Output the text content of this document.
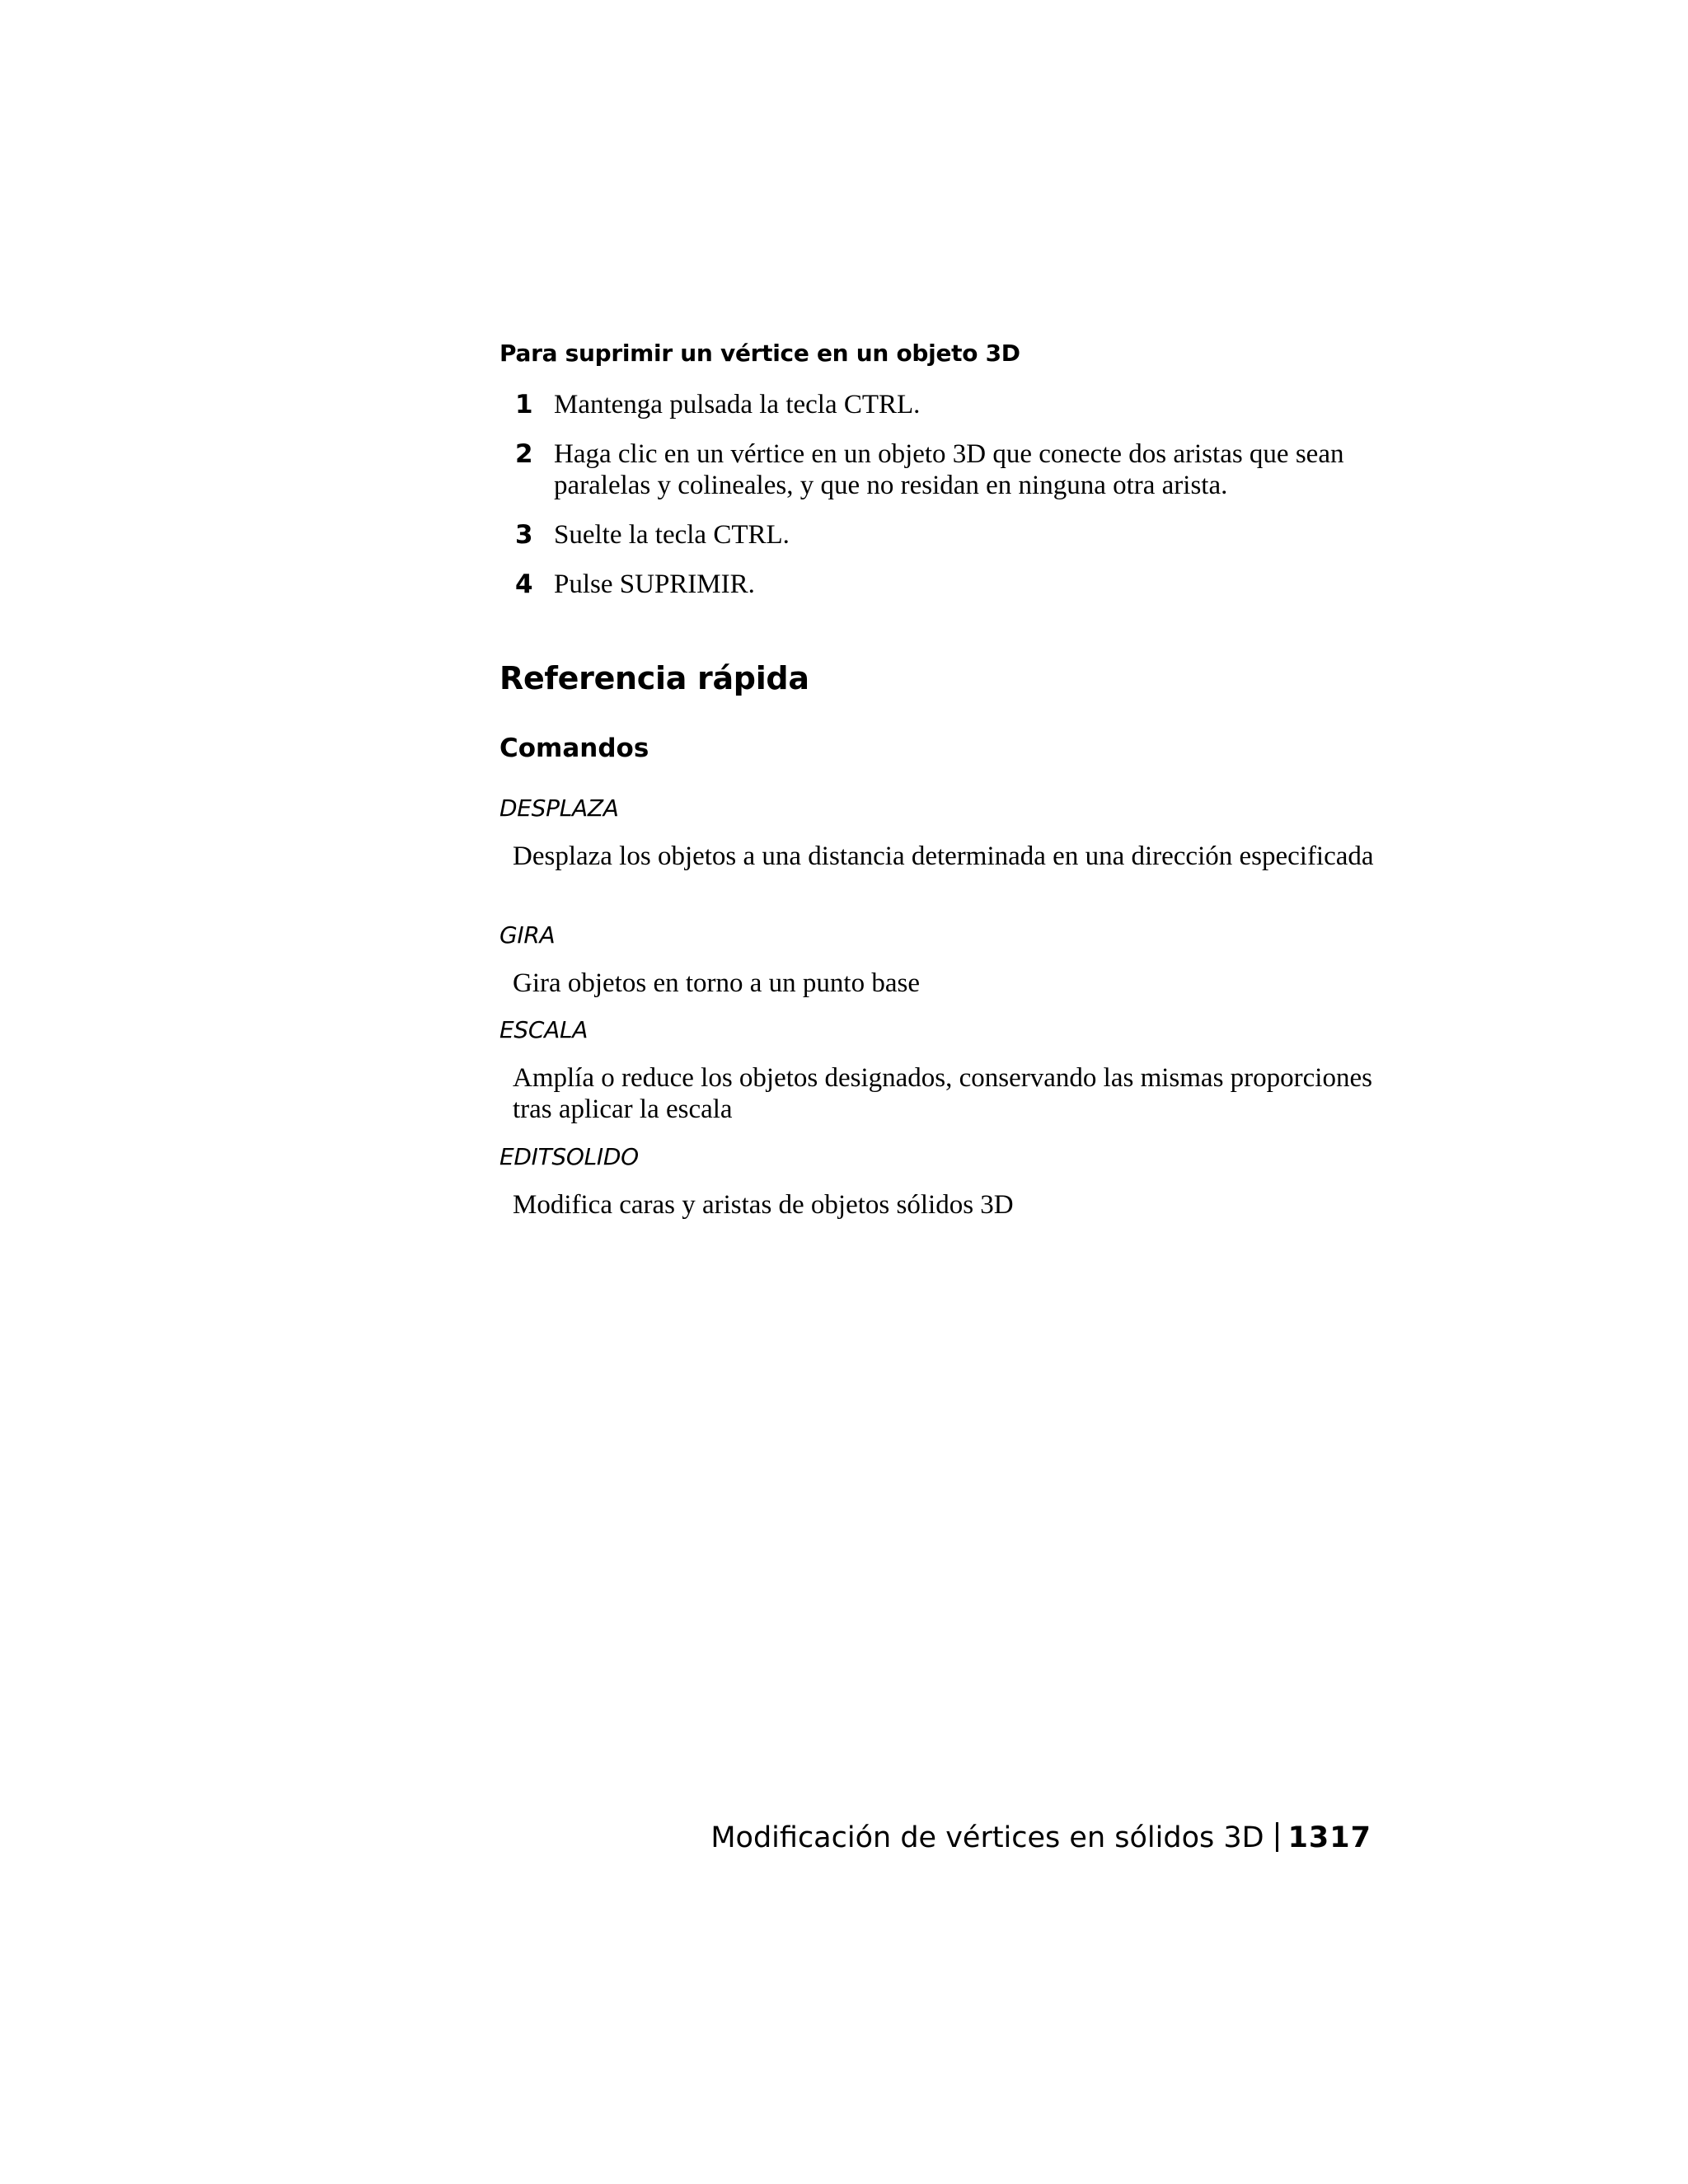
Para suprimir un vértice en un objeto 3D
1 Mantenga pulsada la tecla CTRL.
2 Haga clic en un vértice en un objeto 3D que conecte dos aristas que sean paralelas y colineales, y que no residan en ninguna otra arista.
3 Suelte la tecla CTRL.
4 Pulse SUPRIMIR.
Referencia rápida
Comandos
DESPLAZA
Desplaza los objetos a una distancia determinada en una dirección especificada
GIRA
Gira objetos en torno a un punto base
ESCALA
Amplía o reduce los objetos designados, conservando las mismas proporciones tras aplicar la escala
EDITSOLIDO
Modifica caras y aristas de objetos sólidos 3D
Modificación de vértices en sólidos 3D 1317
